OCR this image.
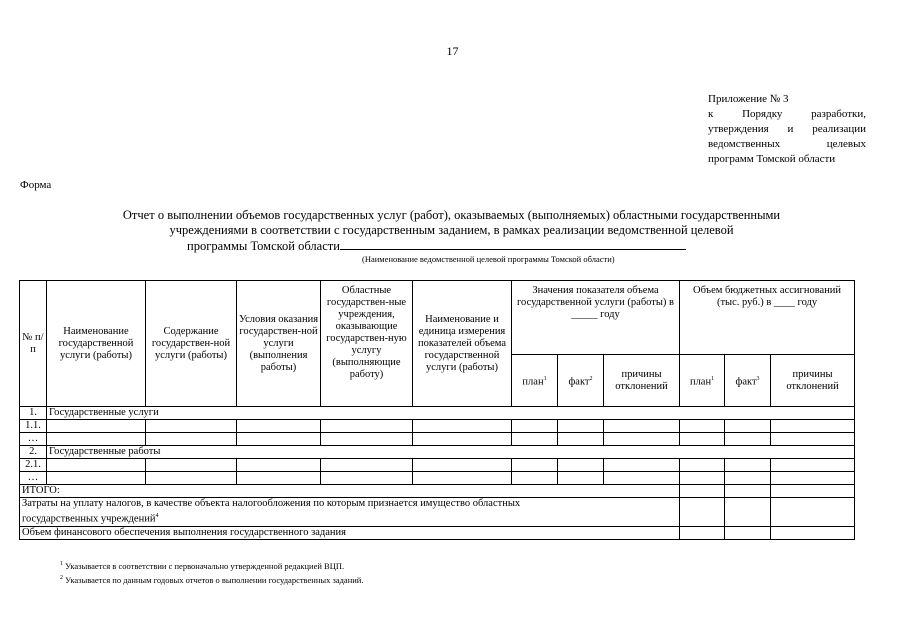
17
Приложение № 3
к Порядку разработки,
утверждения и реализации
ведомственных целевых
программ Томской области
Форма
Отчет о выполнении объемов государственных услуг (работ), оказываемых (выполняемых) областными государственными
учреждениями в соответствии с государственным заданием, в рамках реализации ведомственной целевой
программы Томской области
(Наименование ведомственной целевой программы Томской области)
№ п/п	Наименование государственной услуги (работы)	Содержание государствен-ной услуги (работы)	Условия оказания государствен-ной услуги (выполнения работы)	Областные государствен-ные учреждения, оказывающие государствен-ную услугу (выполняющие работу)	Наименование и единица измерения показателей объема государственной услуги (работы)	Значения показателя объема государственной услуги (работы) в _____ году			Объем бюджетных ассигнований (тыс. руб.) в ____ году		
						план$^1$	факт$^2$	причины отклонений	план$^1$	факт$^3$	причины отклонений
1.	Государственные услуги										
1.1.											
…											
2.	Государственные работы										
2.1.											
…											
ИТОГО:											

Затраты на уплату налогов, в качестве объекта налогообложения по которым признается имущество областных
государственных учреждений$^4$

Объем финансового обеспечения выполнения государственного задания											
$^1$ Указывается в соответствии с первоначально утвержденной редакцией ВЦП.
$^2$ Указывается по данным годовых отчетов о выполнении государственных заданий.
